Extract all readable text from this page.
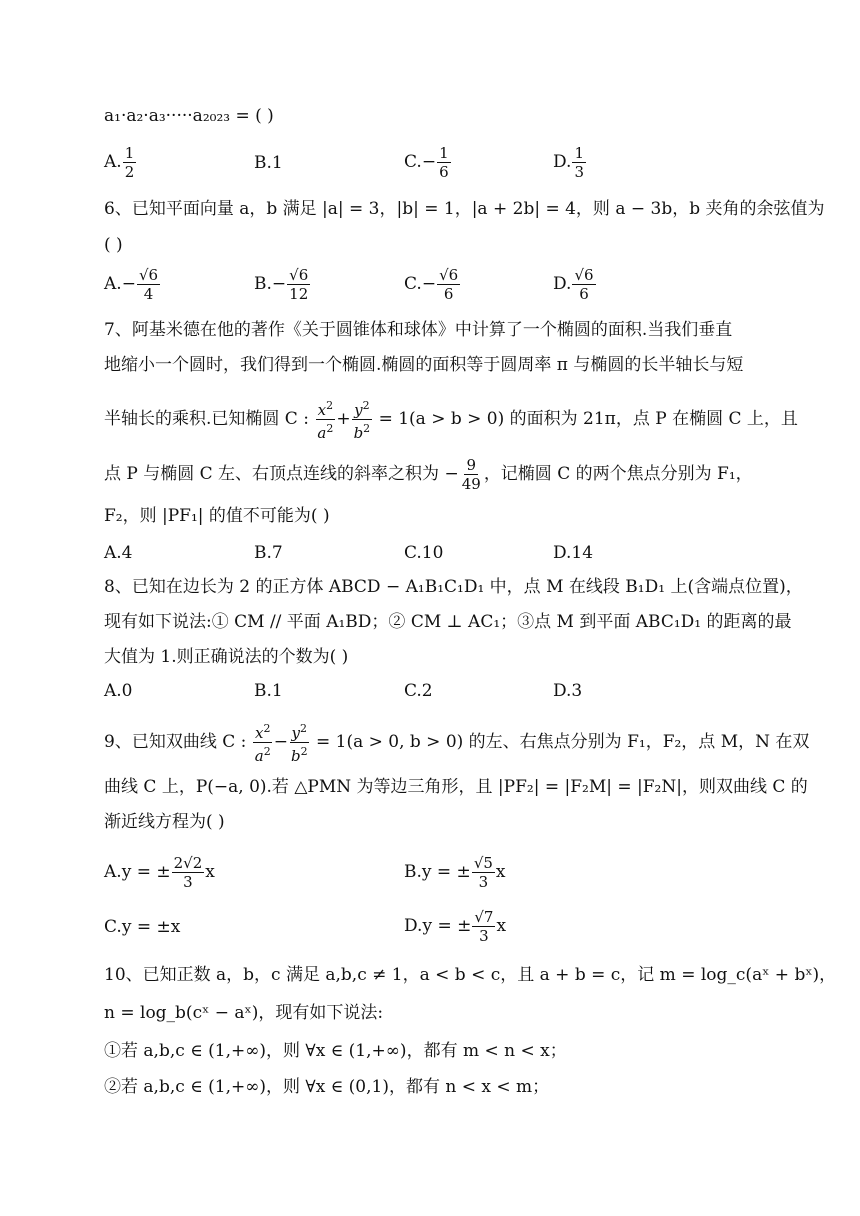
a₁·a₂·a₃·····a₂₀₂₃ = ( )
A. $\frac{1}{2}$	B.1	$C.- \frac{1}{6}$	D. $\frac{1}{3}$
6、已知平面向量 a，b 满足 |a| = 3，|b| = 1，|a + 2b| = 4，则 a − 3b，b 夹角的余弦值为
( )
$A.- \frac{√6}{4}$	$B.- \frac{√6}{12}$	$C.- \frac{√6}{6}$	D. $\frac{√6}{6}$
7、阿基米德在他的著作《关于圆锥体和球体》中计算了一个椭圆的面积.当我们垂直
地缩小一个圆时，我们得到一个椭圆.椭圆的面积等于圆周率 π 与椭圆的长半轴长与短
半轴长的乘积.已知椭圆 C : $\frac{x^2}{a^2} + \frac{y^2}{b^2} = 1(a > b > 0)$ 的面积为 21π，点 P 在椭圆 C 上，且
点 P 与椭圆 C 左、右顶点连线的斜率之积为 − $\frac{9}{49}$ ，记椭圆 C 的两个焦点分别为 F₁，
F₂，则 |PF₁| 的值不可能为( )
A.4	B.7	C.10	D.14
8、已知在边长为 2 的正方体 ABCD − A₁B₁C₁D₁ 中，点 M 在线段 B₁D₁ 上(含端点位置)，
现有如下说法:① CM // 平面 A₁BD；② CM ⊥ AC₁；③点 M 到平面 ABC₁D₁ 的距离的最
大值为 1.则正确说法的个数为( )
A.0	B.1	C.2	D.3
9、已知双曲线 C : $\frac{x^2}{a^2} - \frac{y^2}{b^2} = 1(a > 0$, b > 0) 的左、右焦点分别为 F₁，F₂，点 M，N 在双
曲线 C 上，P(−a, 0).若 △PMN 为等边三角形，且 |PF₂| = |F₂M| = |F₂N|，则双曲线 C 的
渐近线方程为( )
A.y = ± $\frac{2√2}{3}$ x	B.y = ± $\frac{√5}{3}$ x
C.y = ±x	D.y = ± $\frac{√7}{3}$ x
10、已知正数 a，b，c 满足 a,b,c ≠ 1，a < b < c，且 a + b = c，记 m = log_c(aˣ + bˣ)，
n = log_b(cˣ − aˣ)，现有如下说法:
①若 a,b,c ∈ (1,+∞)，则 ∀x ∈ (1,+∞)，都有 m < n < x；
②若 a,b,c ∈ (1,+∞)，则 ∀x ∈ (0,1)，都有 n < x < m；
